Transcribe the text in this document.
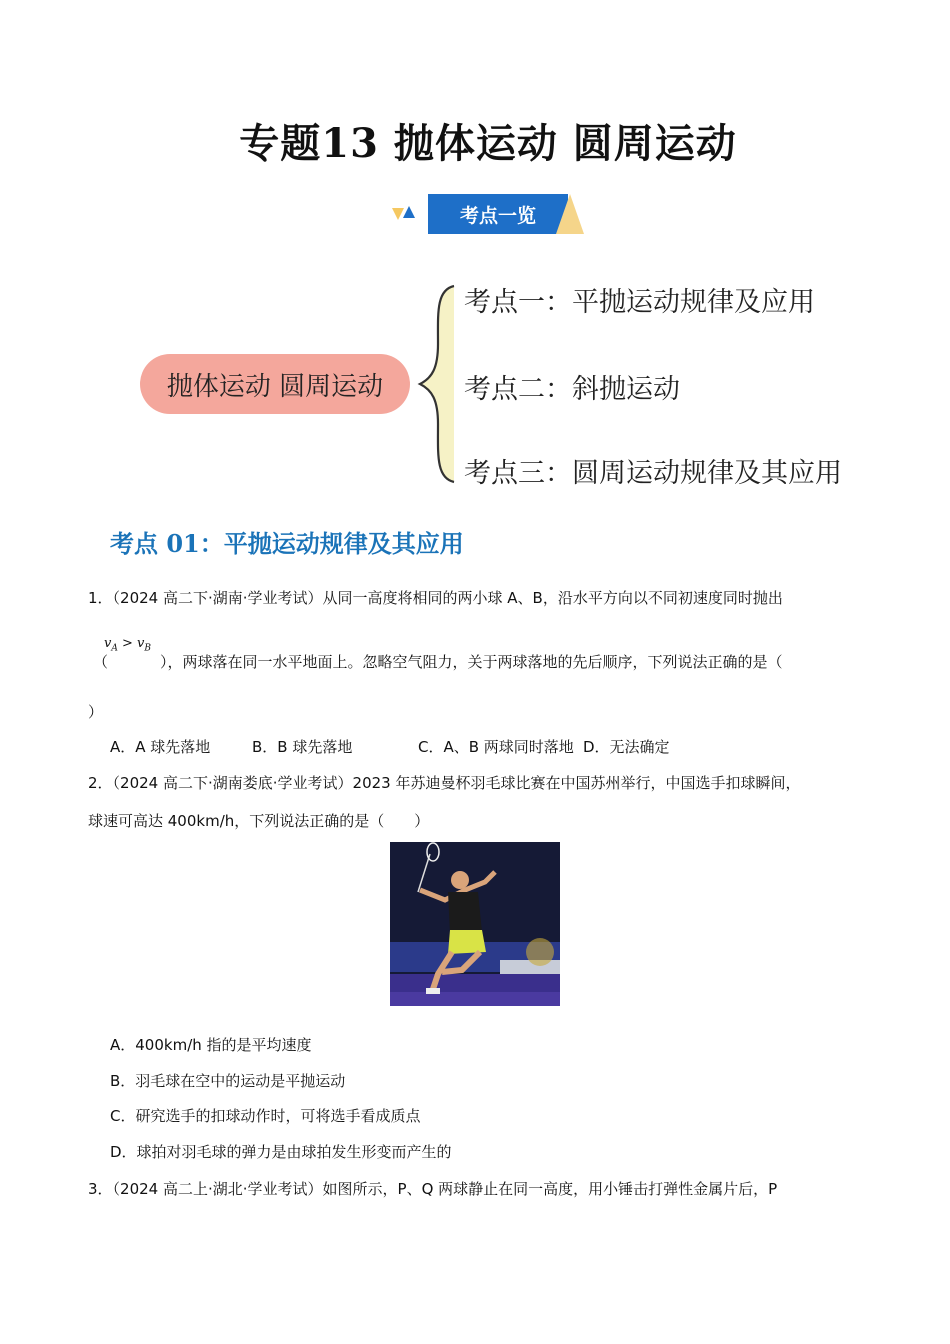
专题13 抛体运动 圆周运动
考点一览
抛体运动 圆周运动
考点一：平抛运动规律及应用
考点二：斜抛运动
考点三：圆周运动规律及其应用
考点 01：平抛运动规律及其应用
1．（2024 高二下·湖南·学业考试）从同一高度将相同的两小球 A、B，沿水平方向以不同初速度同时抛出
（
$v_A > v_B$
），两球落在同一水平地面上。忽略空气阻力，关于两球落地的先后顺序，下列说法正确的是（
）
A．A 球先落地	B．B 球先落地	C．A、B 两球同时落地 D．无法确定
2．（2024 高二下·湖南娄底·学业考试）2023 年苏迪曼杯羽毛球比赛在中国苏州举行，中国选手扣球瞬间，
球速可高达 400km/h，下列说法正确的是（　　）
A．400km/h 指的是平均速度
B．羽毛球在空中的运动是平抛运动
C．研究选手的扣球动作时，可将选手看成质点
D．球拍对羽毛球的弹力是由球拍发生形变而产生的
3．（2024 高二上·湖北·学业考试）如图所示，P、Q 两球静止在同一高度，用小锤击打弹性金属片后，P
